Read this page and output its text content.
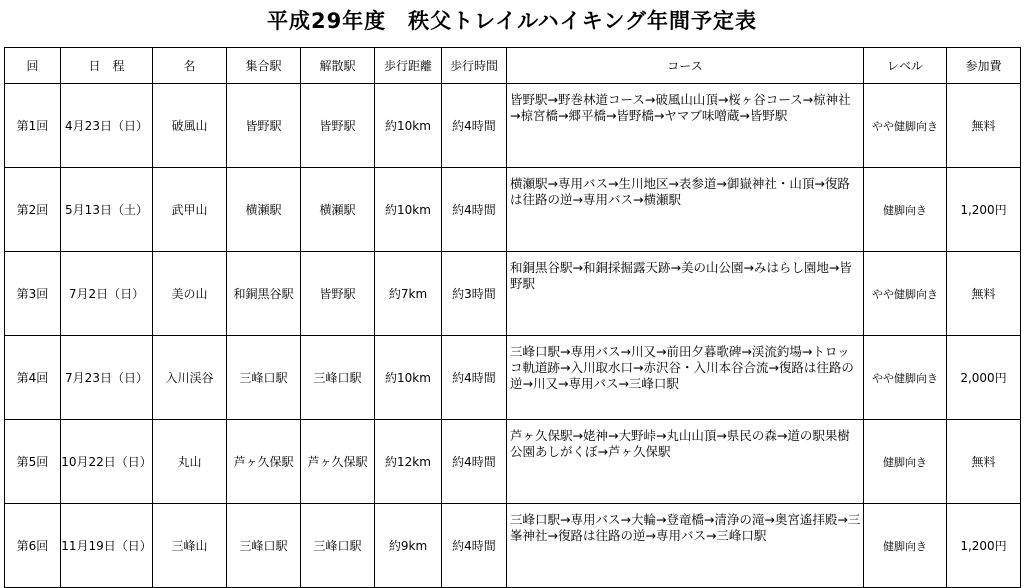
平成29年度　秩父トレイルハイキング年間予定表
回	日　程	名	集合駅	解散駅	歩行距離	歩行時間	コース	レベル	参加費
第1回	4月23日（日）	破風山	皆野駅	皆野駅	約10km	約4時間	皆野駅→野巻林道コース→破風山山頂→桜ヶ谷コース→椋神社→椋宮橋→郷平橋→皆野橋→ヤマブ味噌蔵→皆野駅	やや健脚向き	無料
第2回	5月13日（土）	武甲山	横瀬駅	横瀬駅	約10km	約4時間	横瀬駅→専用バス→生川地区→表参道→御嶽神社・山頂→復路は往路の逆→専用バス→横瀬駅	健脚向き	1,200円
第3回	7月2日（日）	美の山	和銅黒谷駅	皆野駅	約7km	約3時間	和銅黒谷駅→和銅採掘露天跡→美の山公園→みはらし園地→皆野駅	やや健脚向き	無料
第4回	7月23日（日）	入川渓谷	三峰口駅	三峰口駅	約10km	約4時間	三峰口駅→専用バス→川又→前田夕暮歌碑→渓流釣場→トロッコ軌道跡→入川取水口→赤沢谷・入川本谷合流→復路は往路の逆→川又→専用バス→三峰口駅	やや健脚向き	2,000円
第5回	10月22日（日）	丸山	芦ヶ久保駅	芦ヶ久保駅	約12km	約4時間	芦ヶ久保駅→姥神→大野峠→丸山山頂→県民の森→道の駅果樹公園あしがくぼ→芦ヶ久保駅	健脚向き	無料
第6回	11月19日（日）	三峰山	三峰口駅	三峰口駅	約9km	約4時間	三峰口駅→専用バス→大輪→登竜橋→清浄の滝→奥宮遙拝殿→三峯神社→復路は往路の逆→専用バス→三峰口駅	健脚向き	1,200円
